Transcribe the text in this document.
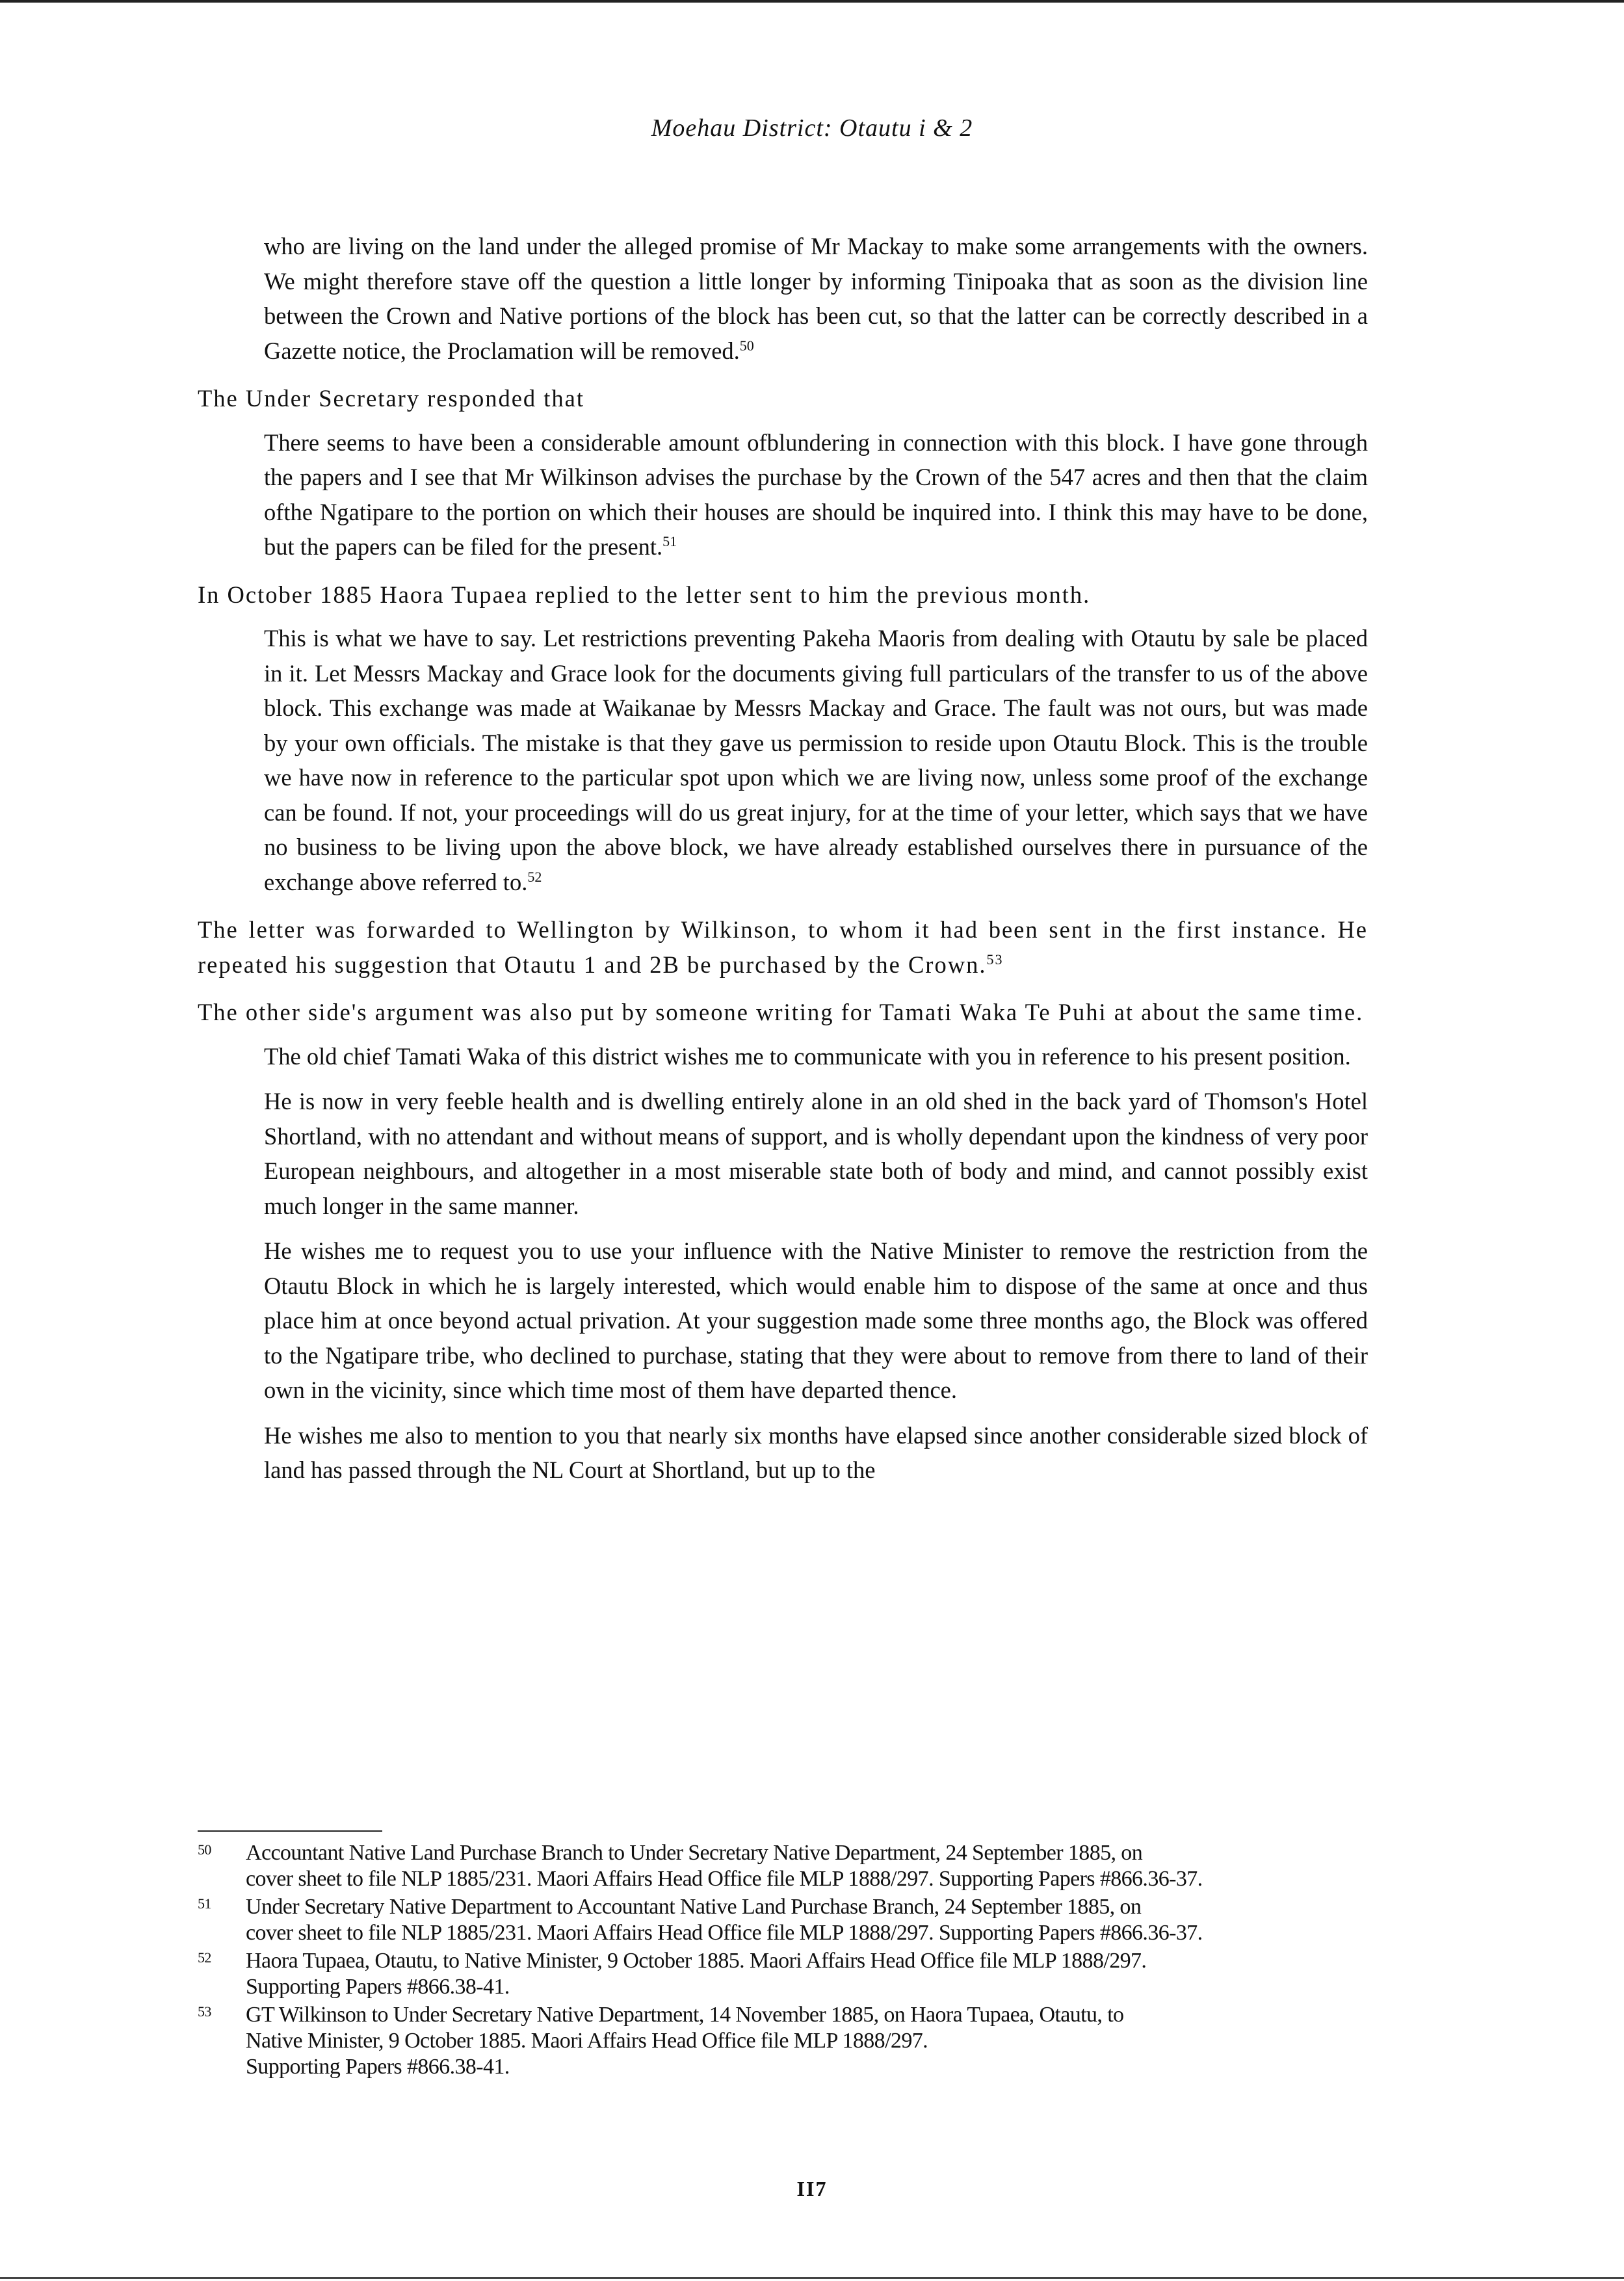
Moehau District: Otautu i & 2

who are living on the land under the alleged promise of Mr Mackay to make some arrangements with the owners. We might therefore stave off the question a little longer by informing Tinipoaka that as soon as the division line between the Crown and Native portions of the block has been cut, so that the latter can be correctly described in a Gazette notice, the Proclamation will be removed.$^{50}$

The Under Secretary responded that

There seems to have been a considerable amount ofblundering in connection with this block. I have gone through the papers and I see that Mr Wilkinson advises the purchase by the Crown of the 547 acres and then that the claim ofthe Ngatipare to the portion on which their houses are should be inquired into. I think this may have to be done, but the papers can be filed for the present.$^{51}$

In October 1885 Haora Tupaea replied to the letter sent to him the previous month.

This is what we have to say. Let restrictions preventing Pakeha Maoris from dealing with Otautu by sale be placed in it. Let Messrs Mackay and Grace look for the documents giving full particulars of the transfer to us of the above block. This exchange was made at Waikanae by Messrs Mackay and Grace. The fault was not ours, but was made by your own officials. The mistake is that they gave us permission to reside upon Otautu Block. This is the trouble we have now in reference to the particular spot upon which we are living now, unless some proof of the exchange can be found. If not, your proceedings will do us great injury, for at the time of your letter, which says that we have no business to be living upon the above block, we have already established ourselves there in pursuance of the exchange above referred to.$^{52}$

The letter was forwarded to Wellington by Wilkinson, to whom it had been sent in the first instance. He repeated his suggestion that Otautu 1 and 2B be purchased by the Crown.$^{53}$

The other side's argument was also put by someone writing for Tamati Waka Te Puhi at about the same time.

The old chief Tamati Waka of this district wishes me to communicate with you in reference to his present position.

He is now in very feeble health and is dwelling entirely alone in an old shed in the back yard of Thomson's Hotel Shortland, with no attendant and without means of support, and is wholly dependant upon the kindness of very poor European neighbours, and altogether in a most miserable state both of body and mind, and cannot possibly exist much longer in the same manner.

He wishes me to request you to use your influence with the Native Minister to remove the restriction from the Otautu Block in which he is largely interested, which would enable him to dispose of the same at once and thus place him at once beyond actual privation. At your suggestion made some three months ago, the Block was offered to the Ngatipare tribe, who declined to purchase, stating that they were about to remove from there to land of their own in the vicinity, since which time most of them have departed thence.

He wishes me also to mention to you that nearly six months have elapsed since another considerable sized block of land has passed through the NL Court at Shortland, but up to the

50	Accountant Native Land Purchase Branch to Under Secretary Native Department, 24 September 1885, on
cover sheet to file NLP 1885/231. Maori Affairs Head Office file MLP 1888/297. Supporting Papers #866.36-37.
51	Under Secretary Native Department to Accountant Native Land Purchase Branch, 24 September 1885, on
cover sheet to file NLP 1885/231. Maori Affairs Head Office file MLP 1888/297. Supporting Papers #866.36-37.
52	Haora Tupaea, Otautu, to Native Minister, 9 October 1885. Maori Affairs Head Office file MLP 1888/297.
Supporting Papers #866.38-41.
53	GT Wilkinson to Under Secretary Native Department, 14 November 1885, on Haora Tupaea, Otautu, to
Native Minister, 9 October 1885. Maori Affairs Head Office file MLP 1888/297.
Supporting Papers #866.38-41.
II7
